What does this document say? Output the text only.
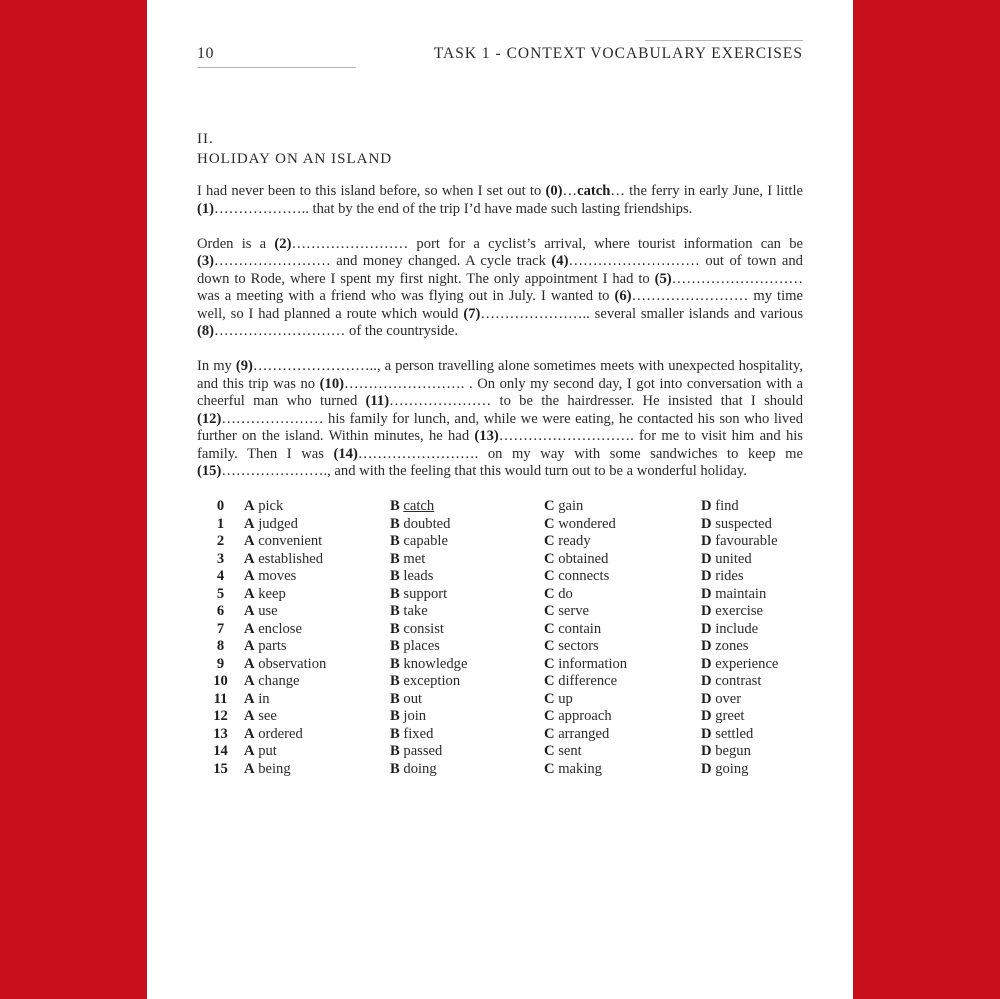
10	TASK 1 - CONTEXT VOCABULARY EXERCISES
II.
HOLIDAY ON AN ISLAND

I had never been to this island before, so when I set out to (0)…catch… the ferry in early June, I little (1)……………….. that by the end of the trip I’d have made such lasting friendships.

Orden is a (2)…………………… port for a cyclist’s arrival, where tourist information can be (3)…………………… and money changed. A cycle track (4)……………………… out of town and down to Rode, where I spent my first night. The only appointment I had to (5)……………………… was a meeting with a friend who was flying out in July. I wanted to (6)…………………… my time well, so I had planned a route which would (7)………………….. several smaller islands and various (8)……………………… of the countryside.

In my (9)…………………….., a person travelling alone sometimes meets with unexpected hospitality, and this trip was no (10)……………………. . On only my second day, I got into conversation with a cheerful man who turned (11)………………… to be the hairdresser. He insisted that I should (12)………………… his family for lunch, and, while we were eating, he contacted his son who lived further on the island. Within minutes, he had (13)………………………. for me to visit him and his family. Then I was (14)……………………. on my way with some sandwiches to keep me (15)…………………., and with the feeling that this would turn out to be a wonderful holiday.

0	A pick	B catch	C gain	D find
1	A judged	B doubted	C wondered	D suspected
2	A convenient	B capable	C ready	D favourable
3	A established	B met	C obtained	D united
4	A moves	B leads	C connects	D rides
5	A keep	B support	C do	D maintain
6	A use	B take	C serve	D exercise
7	A enclose	B consist	C contain	D include
8	A parts	B places	C sectors	D zones
9	A observation	B knowledge	C information	D experience
10	A change	B exception	C difference	D contrast
11	A in	B out	C up	D over
12	A see	B join	C approach	D greet
13	A ordered	B fixed	C arranged	D settled
14	A put	B passed	C sent	D begun
15	A being	B doing	C making	D going
